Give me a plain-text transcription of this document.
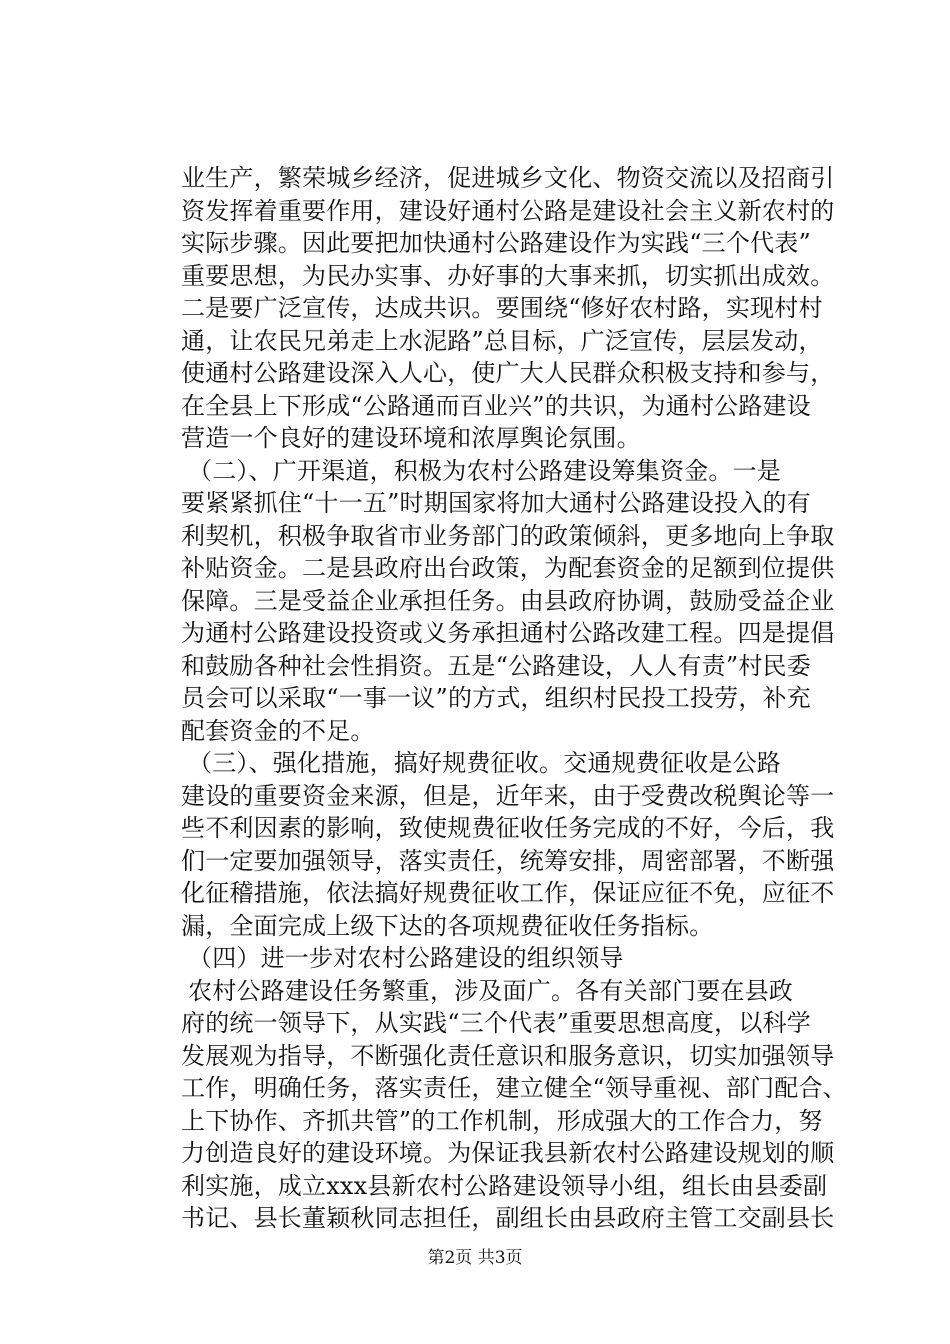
业生产，繁荣城乡经济，促进城乡文化、物资交流以及招商引
资发挥着重要作用，建设好通村公路是建设社会主义新农村的
实际步骤。因此要把加快通村公路建设作为实践“三个代表”
重要思想，为民办实事、办好事的大事来抓，切实抓出成效。
二是要广泛宣传，达成共识。要围绕“修好农村路，实现村村
通，让农民兄弟走上水泥路”总目标，广泛宣传，层层发动，
使通村公路建设深入人心，使广大人民群众积极支持和参与，
在全县上下形成“公路通而百业兴”的共识，为通村公路建设
营造一个良好的建设环境和浓厚舆论氛围。
（二）、广开渠道，积极为农村公路建设筹集资金。一是
要紧紧抓住“十一五”时期国家将加大通村公路建设投入的有
利契机，积极争取省市业务部门的政策倾斜，更多地向上争取
补贴资金。二是县政府出台政策，为配套资金的足额到位提供
保障。三是受益企业承担任务。由县政府协调，鼓励受益企业
为通村公路建设投资或义务承担通村公路改建工程。四是提倡
和鼓励各种社会性捐资。五是“公路建设，人人有责”村民委
员会可以采取“一事一议”的方式，组织村民投工投劳，补充
配套资金的不足。
（三）、强化措施，搞好规费征收。交通规费征收是公路
建设的重要资金来源，但是，近年来，由于受费改税舆论等一
些不利因素的影响，致使规费征收任务完成的不好，今后，我
们一定要加强领导，落实责任，统筹安排，周密部署，不断强
化征稽措施，依法搞好规费征收工作，保证应征不免，应征不
漏，全面完成上级下达的各项规费征收任务指标。
（四）进一步对农村公路建设的组织领导
农村公路建设任务繁重，涉及面广。各有关部门要在县政
府的统一领导下，从实践“三个代表”重要思想高度，以科学
发展观为指导，不断强化责任意识和服务意识，切实加强领导
工作，明确任务，落实责任，建立健全“领导重视、部门配合、
上下协作、齐抓共管”的工作机制，形成强大的工作合力，努
力创造良好的建设环境。为保证我县新农村公路建设规划的顺
利实施，成立xxx县新农村公路建设领导小组，组长由县委副
书记、县长董颖秋同志担任，副组长由县政府主管工交副县长
第2页 共3页
